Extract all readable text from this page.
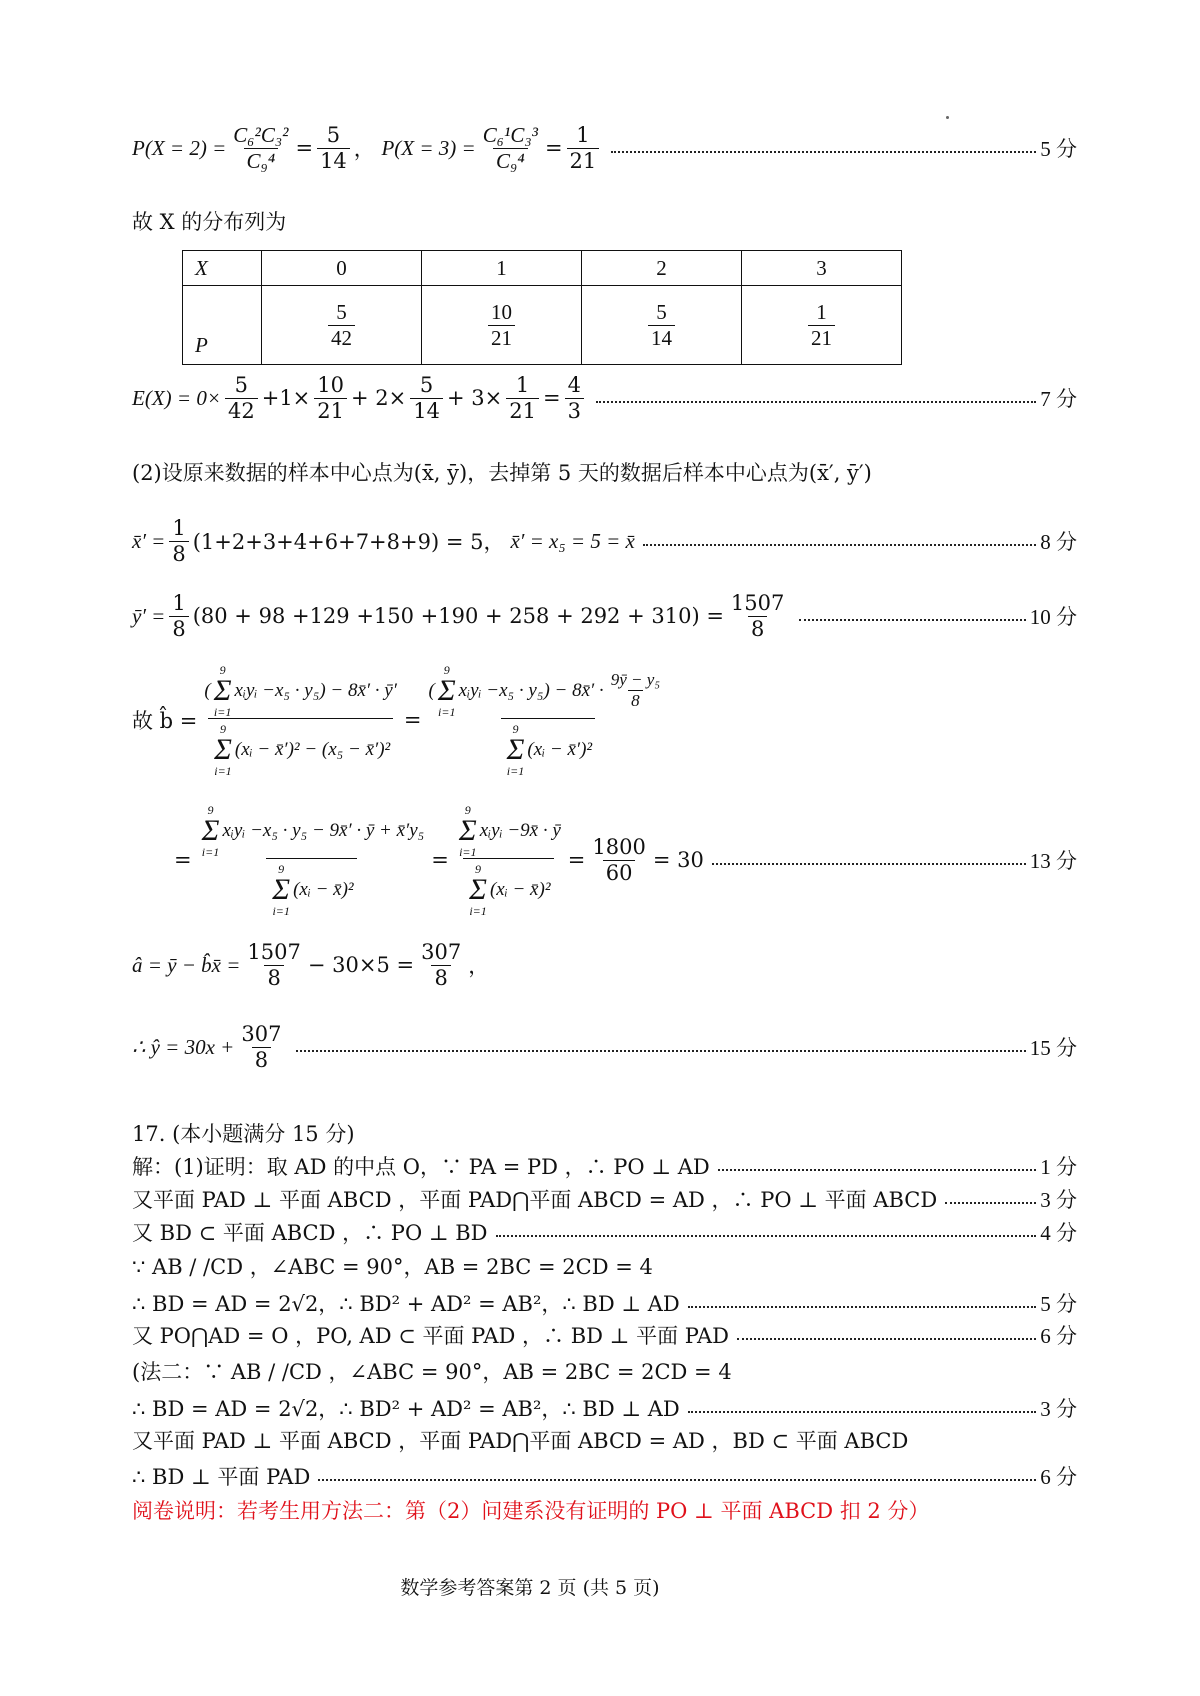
$P(X = 2) = \frac{\text{C₆²C₃²}}{\text{C₉⁴}} = \frac{5}{14}$ ， $P(X = 3) = \frac{\text{C₆¹C₃³}}{\text{C₉⁴}} = \frac{1}{21}$	5 分
故 X 的分布列为
X	0	1	2	3
P	$\frac{5}{42}$	$\frac{10}{21}$	$\frac{5}{14}$	$\frac{1}{21}$
$E(X) = 0\times \frac{5}{42} +1\times \frac{10}{21} + 2\times \frac{5}{14} + 3\times \frac{1}{21} = \frac{4}{3}$	7 分
(2)设原来数据的样本中心点为(x̄, ȳ)，去掉第 5 天的数据后样本中心点为(x̄′, ȳ′)
x̄′ = $\frac{1}{8} (1+2+3+4+6+7+8+9) = 5$， x̄′ = x₅ = 5 = x̄	8 分
ȳ′ = $\frac{1}{8} (80 + 98 +129 +150 +190 + 258 + 292 + 310) = \frac{1507}{8}$	10 分
故 b̂ = (
9
Σ
i=1
xᵢyᵢ −x₅ · y₅) − 8x̄′ · ȳ′
9
Σ
i=1
(xᵢ − x̄′)²
− (x₅ − x̄′)² = (
9
Σ
i=1
xᵢyᵢ −x₅ · y₅) − 8x̄′ · $\frac{\text{9ȳ − y₅}}{8}$
9
Σ
i=1
(xᵢ − x̄′)²
= 9
Σ
i=1
xᵢyᵢ −x₅ · y₅ − 9x̄′ · ȳ + x̄′y₅
9
Σ
i=1
(xᵢ − x̄)² = 9
Σ
i=1
xᵢyᵢ −9x̄ · ȳ
9
Σ
i=1
(xᵢ − x̄)² = $\frac{1800}{60} = 30$	13 分
â = ȳ − b̂x̄ = $\frac{1507}{8} - 30\times 5 = \frac{307}{8}$ ，
∴ ŷ = $30x + \frac{307}{8}$	15 分
17. (本小题满分 15 分)
解：(1)证明：取 AD 的中点 O，∵ PA = PD ，∴ PO ⊥ AD	1 分
又平面 PAD ⊥ 平面 ABCD ，平面 PAD⋂平面 ABCD = AD ，∴ PO ⊥ 平面 ABCD	3 分
又 BD ⊂ 平面 ABCD ，∴ PO ⊥ BD	4 分
∵ AB / /CD ，∠ABC = 90°，AB = 2BC = 2CD = 4
∴ BD = AD = 2√2，∴ BD² + AD² = AB²，∴ BD ⊥ AD	5 分
又 PO⋂AD = O ，PO, AD ⊂ 平面 PAD ，∴ BD ⊥ 平面 PAD	6 分
(法二：∵ AB / /CD ，∠ABC = 90°，AB = 2BC = 2CD = 4
∴ BD = AD = 2√2，∴ BD² + AD² = AB²，∴ BD ⊥ AD	3 分
又平面 PAD ⊥ 平面 ABCD ，平面 PAD⋂平面 ABCD = AD ，BD ⊂ 平面 ABCD
∴ BD ⊥ 平面 PAD	6 分
阅卷说明：若考生用方法二：第（2）问建系没有证明的 PO ⊥ 平面 ABCD 扣 2 分）
数学参考答案第 2 页 (共 5 页)
